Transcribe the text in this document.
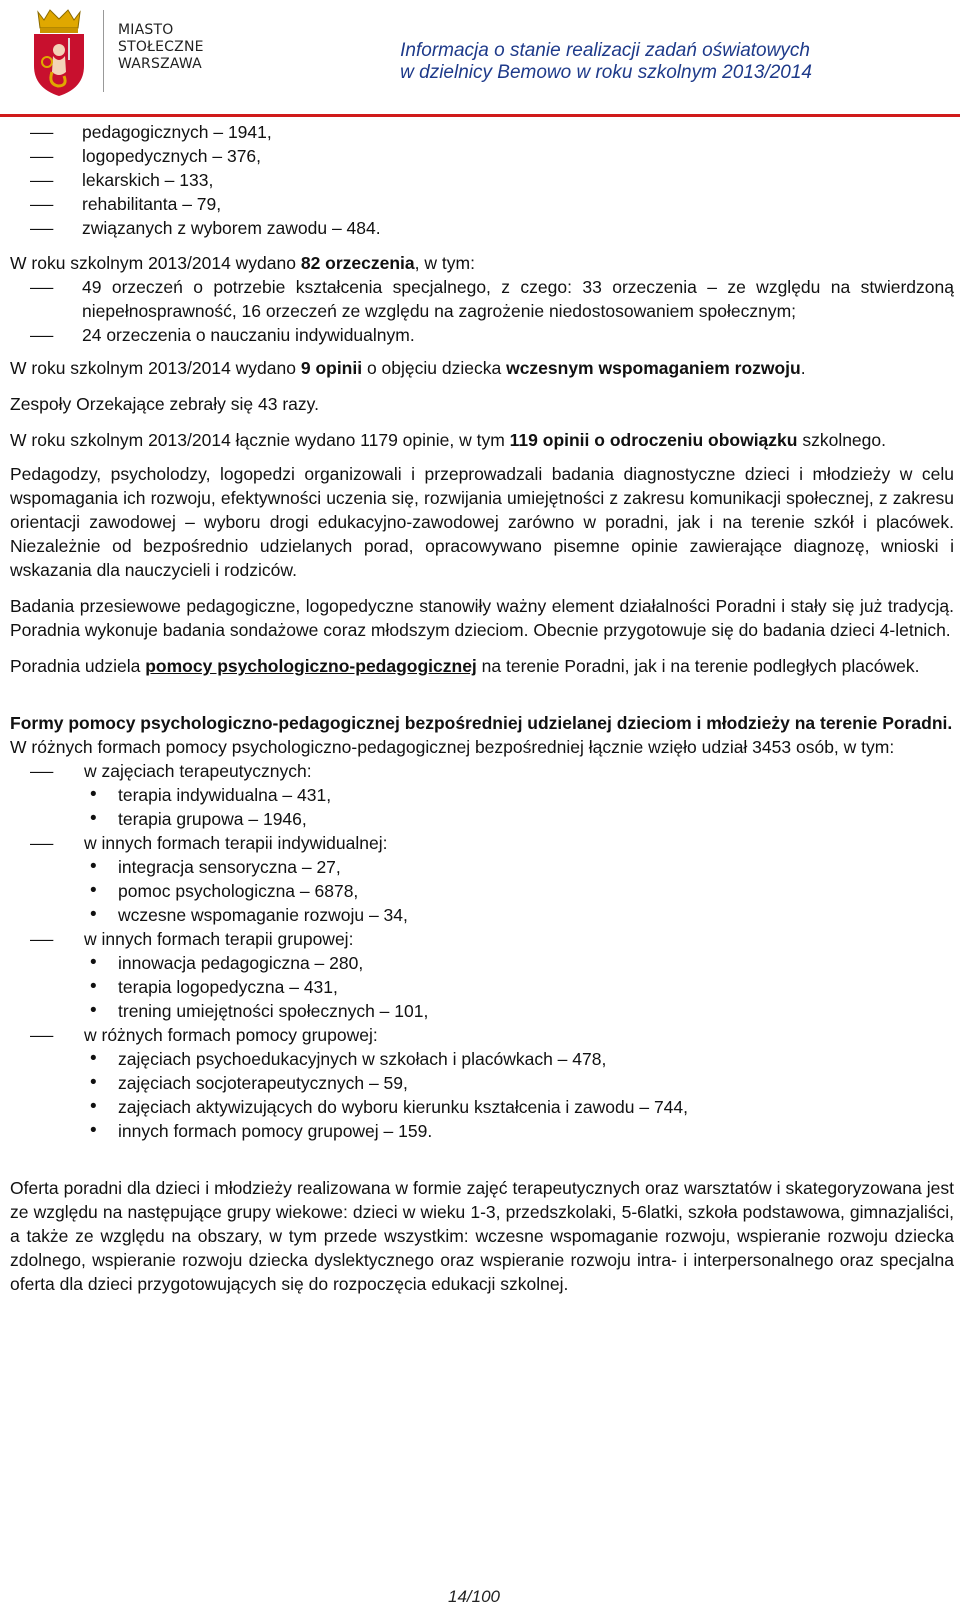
MIASTO
STOŁECZNE
WARSZAWA
Informacja o stanie realizacji zadań oświatowych
w dzielnicy Bemowo w roku szkolnym 2013/2014
– pedagogicznych – 1941,
– logopedycznych – 376,
– lekarskich – 133,
– rehabilitanta – 79,
– związanych z wyborem zawodu – 484.

W roku szkolnym 2013/2014 wydano 82 orzeczenia, w tym:

– 49 orzeczeń o potrzebie kształcenia specjalnego, z czego: 33 orzeczenia – ze względu na stwierdzoną niepełnosprawność, 16 orzeczeń ze względu na zagrożenie niedostosowaniem społecznym;
– 24 orzeczenia o nauczaniu indywidualnym.

W roku szkolnym 2013/2014 wydano 9 opinii o objęciu dziecka wczesnym wspomaganiem rozwoju.

Zespoły Orzekające zebrały się 43 razy.

W roku szkolnym 2013/2014 łącznie wydano 1179 opinie, w tym 119 opinii o odroczeniu obowiązku szkolnego.

Pedagodzy, psycholodzy, logopedzi organizowali i przeprowadzali badania diagnostyczne dzieci i młodzieży w celu wspomagania ich rozwoju, efektywności uczenia się, rozwijania umiejętności z zakresu komunikacji społecznej, z zakresu orientacji zawodowej – wyboru drogi edukacyjno-zawodowej zarówno w poradni, jak i na terenie szkół i placówek. Niezależnie od bezpośrednio udzielanych porad, opracowywano pisemne opinie zawierające diagnozę, wnioski i wskazania dla nauczycieli i rodziców.

Badania przesiewowe pedagogiczne, logopedyczne stanowiły ważny element działalności Poradni i stały się już tradycją. Poradnia wykonuje badania sondażowe coraz młodszym dzieciom. Obecnie przygotowuje się do badania dzieci 4-letnich.

Poradnia udziela pomocy psychologiczno-pedagogicznej na terenie Poradni, jak i na terenie podległych placówek.

Formy pomocy psychologiczno-pedagogicznej bezpośredniej udzielanej dzieciom i młodzieży na terenie Poradni.

W różnych formach pomocy psychologiczno-pedagogicznej bezpośredniej łącznie wzięło udział 3453 osób, w tym:

– w zajęciach terapeutycznych:
• terapia indywidualna – 431,
• terapia grupowa – 1946,
– w innych formach terapii indywidualnej:
• integracja sensoryczna – 27,
• pomoc psychologiczna – 6878,
• wczesne wspomaganie rozwoju – 34,
– w innych formach terapii grupowej:
• innowacja pedagogiczna – 280,
• terapia logopedyczna – 431,
• trening umiejętności społecznych – 101,
– w różnych formach pomocy grupowej:
• zajęciach psychoedukacyjnych w szkołach i placówkach – 478,
• zajęciach socjoterapeutycznych – 59,
• zajęciach aktywizujących do wyboru kierunku kształcenia i zawodu – 744,
• innych formach pomocy grupowej – 159.

Oferta poradni dla dzieci i młodzieży realizowana w formie zajęć terapeutycznych oraz warsztatów i skategoryzowana jest ze względu na następujące grupy wiekowe: dzieci w wieku 1-3, przedszkolaki, 5-6latki, szkoła podstawowa, gimnazjaliści, a także ze względu na obszary, w tym przede wszystkim: wczesne wspomaganie rozwoju, wspieranie rozwoju dziecka zdolnego, wspieranie rozwoju dziecka dyslektycznego oraz wspieranie rozwoju intra- i interpersonalnego oraz specjalna oferta dla dzieci przygotowujących się do rozpoczęcia edukacji szkolnej.

14/100
